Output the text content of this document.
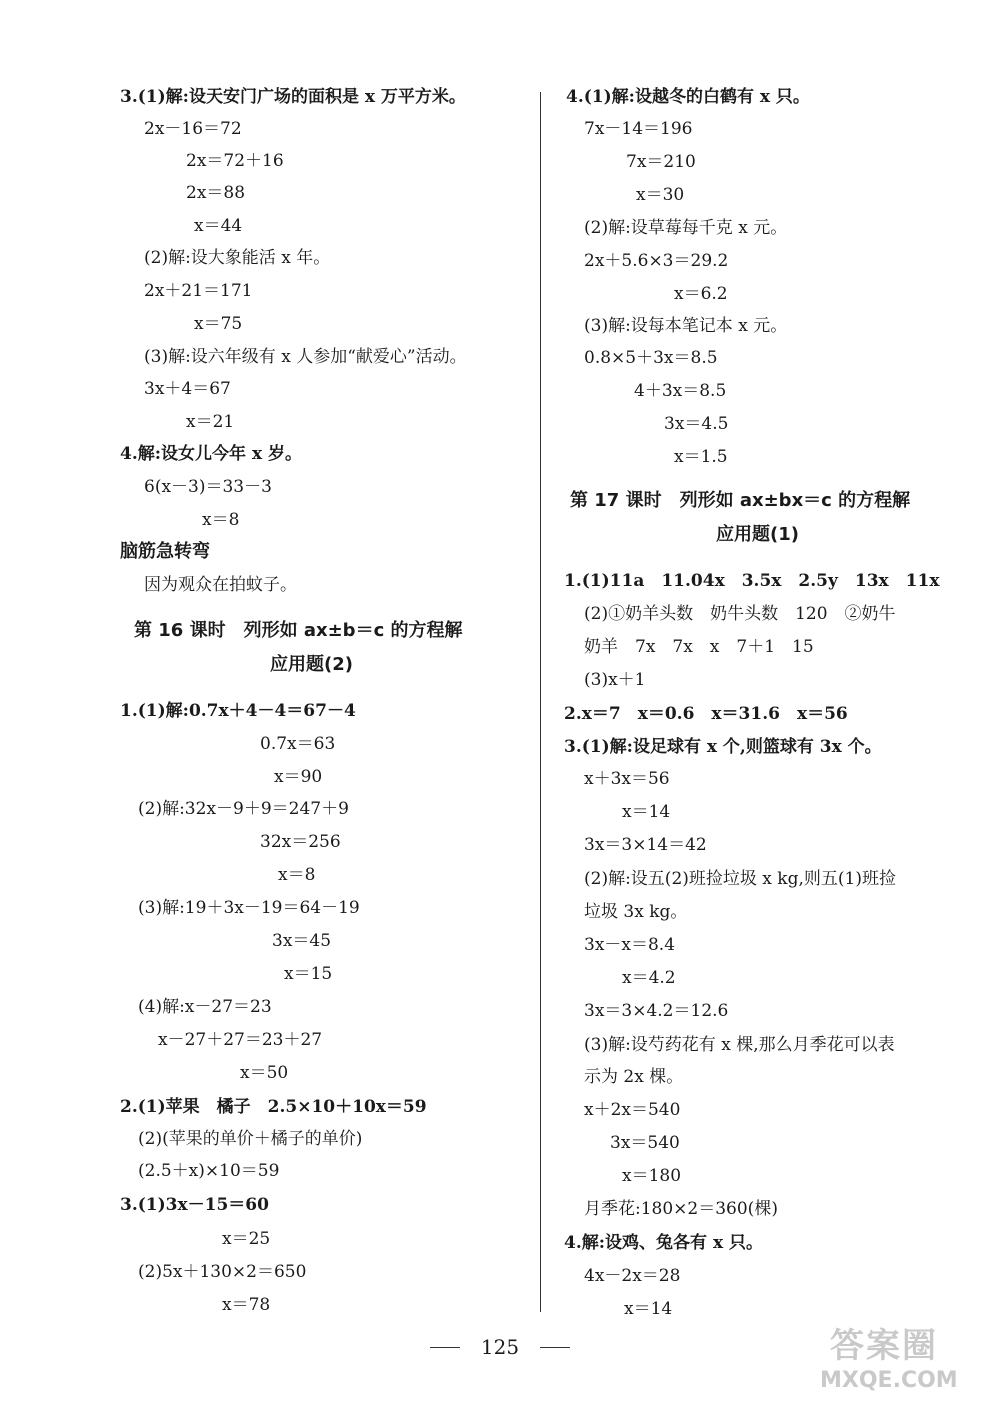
3.(1)解:设天安门广场的面积是 x 万平方米。
2x－16＝72
2x＝72＋16
2x＝88
x＝44
(2)解:设大象能活 x 年。
2x＋21＝171
x＝75
(3)解:设六年级有 x 人参加“献爱心”活动。
3x＋4＝67
x＝21
4.解:设女儿今年 x 岁。
6(x－3)＝33－3
x＝8
脑筋急转弯
因为观众在拍蚊子。
第 16 课时　列形如 ax±b＝c 的方程解
应用题(2)
1.(1)解:0.7x＋4－4＝67－4
0.7x＝63
x＝90
(2)解:32x－9＋9＝247＋9
32x＝256
x＝8
(3)解:19＋3x－19＝64－19
3x＝45
x＝15
(4)解:x－27＝23
x－27＋27＝23＋27
x＝50
2.(1)苹果　橘子　2.5×10＋10x＝59
(2)(苹果的单价＋橘子的单价)
(2.5＋x)×10＝59
3.(1)3x－15＝60
x＝25
(2)5x＋130×2＝650
x＝78
4.(1)解:设越冬的白鹤有 x 只。
7x－14＝196
7x＝210
x＝30
(2)解:设草莓每千克 x 元。
2x＋5.6×3＝29.2
x＝6.2
(3)解:设每本笔记本 x 元。
0.8×5＋3x＝8.5
4＋3x＝8.5
3x＝4.5
x＝1.5
第 17 课时　列形如 ax±bx＝c 的方程解
应用题(1)
1.(1)11a　11.04x　3.5x　2.5y　13x　11x
(2)①奶羊头数　奶牛头数　120　②奶牛
奶羊　7x　7x　x　7＋1　15
(3)x＋1
2.x＝7　x＝0.6　x＝31.6　x＝56
3.(1)解:设足球有 x 个,则篮球有 3x 个。
x＋3x＝56
x＝14
3x＝3×14＝42
(2)解:设五(2)班捡垃圾 x kg,则五(1)班捡
垃圾 3x kg。
3x－x＝8.4
x＝4.2
3x＝3×4.2＝12.6
(3)解:设芍药花有 x 棵,那么月季花可以表
示为 2x 棵。
x＋2x＝540
3x＝540
x＝180
月季花:180×2＝360(棵)
4.解:设鸡、兔各有 x 只。
4x－2x＝28
x＝14
125	答案圈
MXQE.COM
